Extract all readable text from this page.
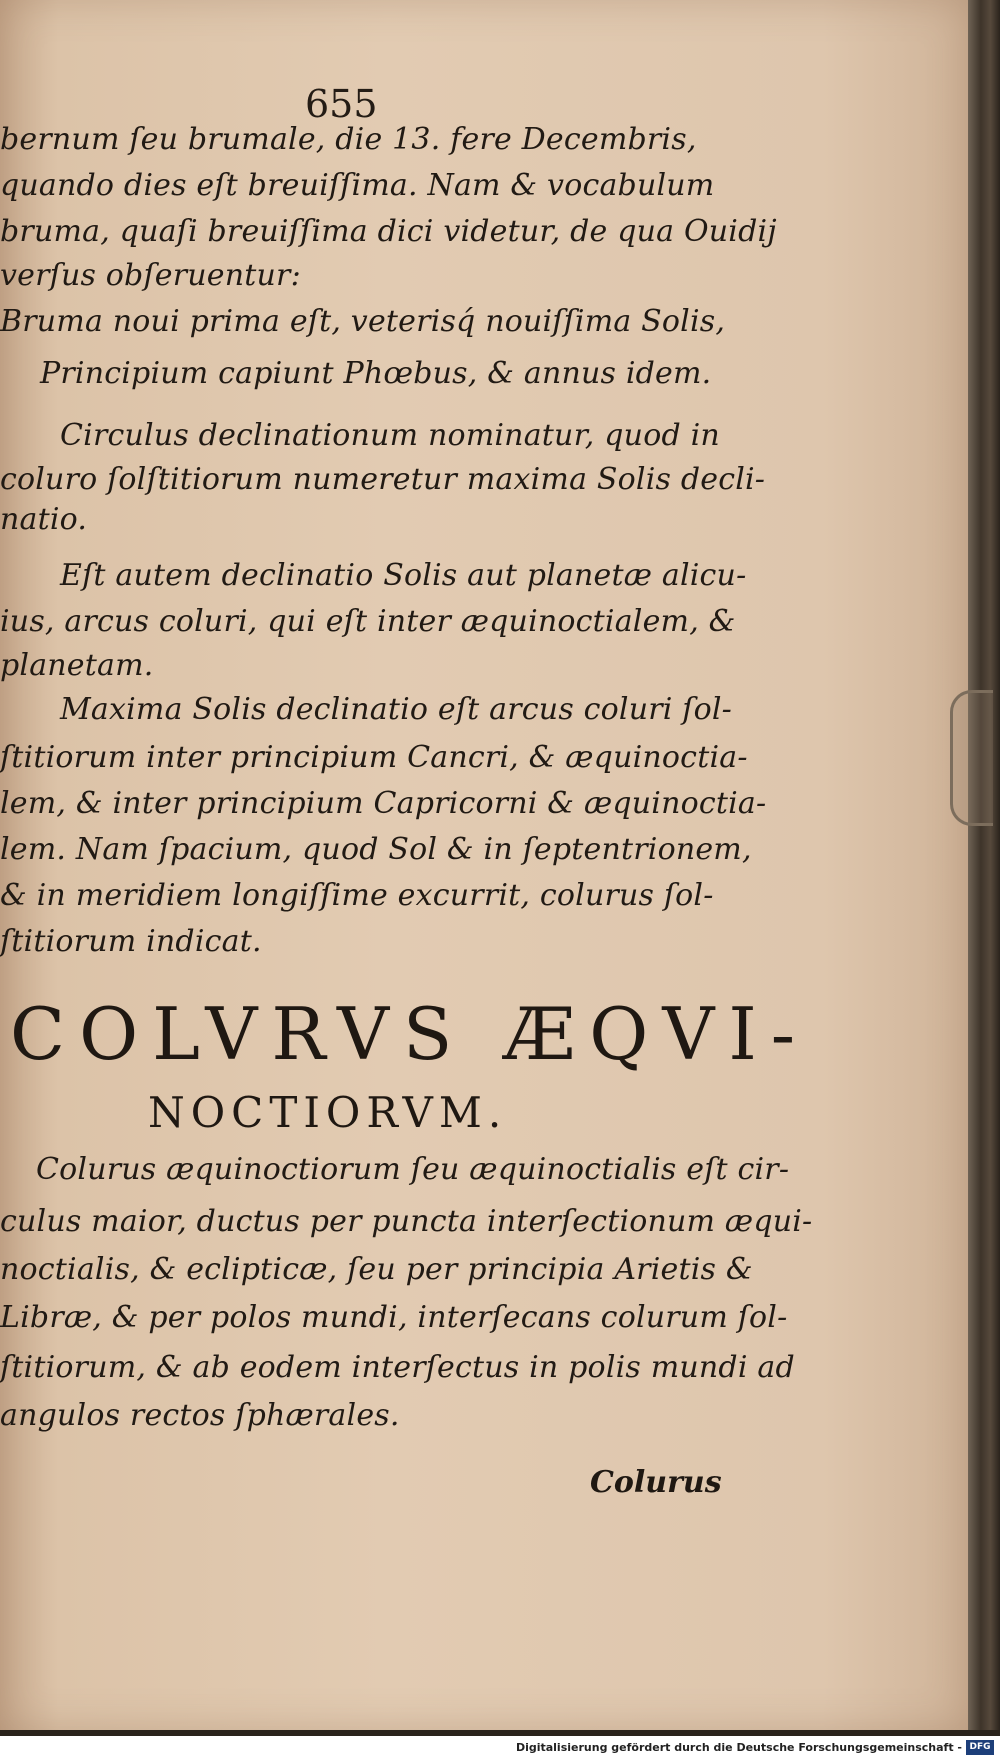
655
bernum ſeu brumale, die 13. fere Decembris,
quando dies eſt breuiſſima. Nam & vocabulum
bruma, quaſi breuiſſima dici videtur, de qua Ouidij
verſus obſeruentur:
Bruma noui prima eſt, veterisq́ nouiſſima Solis,
Principium capiunt Phœbus, & annus idem.
Circulus declinationum nominatur, quod in
coluro ſolſtitiorum numeretur maxima Solis decli-
natio.
Eſt autem declinatio Solis aut planetæ alicu-
ius, arcus coluri, qui eſt inter æquinoctialem, &
planetam.
Maxima Solis declinatio eſt arcus coluri ſol-
ſtitiorum inter principium Cancri, & æquinoctia-
lem, & inter principium Capricorni & æquinoctia-
lem. Nam ſpacium, quod Sol & in ſeptentrionem,
& in meridiem longiſſime excurrit, colurus ſol-
ſtitiorum indicat.
COLVRVS ÆQVI-
NOCTIORVM.
Colurus æquinoctiorum ſeu æquinoctialis eſt cir-
culus maior, ductus per puncta interſectionum æqui-
noctialis, & eclipticæ, ſeu per principia Arietis &
Libræ, & per polos mundi, interſecans colurum ſol-
ſtitiorum, & ab eodem interſectus in polis mundi ad
angulos rectos ſphærales.
Colurus
Digitalisierung gefördert durch die Deutsche Forschungsgemeinschaft - DFG
